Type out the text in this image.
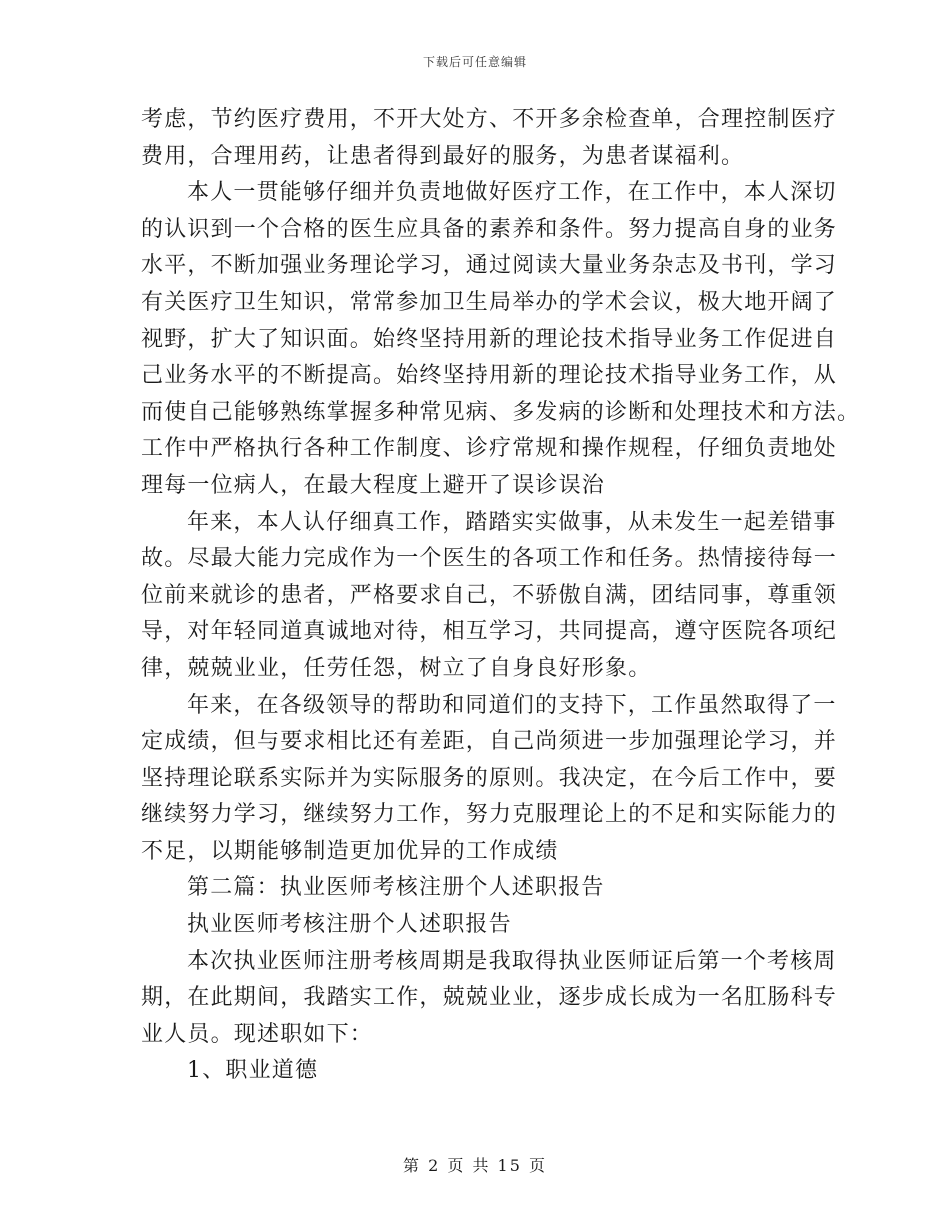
下载后可任意编辑
考虑，节约医疗费用，不开大处方、不开多余检查单，合理控制医疗
费用，合理用药，让患者得到最好的服务，为患者谋福利。
本人一贯能够仔细并负责地做好医疗工作，在工作中，本人深切
的认识到一个合格的医生应具备的素养和条件。努力提高自身的业务
水平，不断加强业务理论学习，通过阅读大量业务杂志及书刊，学习
有关医疗卫生知识，常常参加卫生局举办的学术会议，极大地开阔了
视野，扩大了知识面。始终坚持用新的理论技术指导业务工作促进自
己业务水平的不断提高。始终坚持用新的理论技术指导业务工作，从
而使自己能够熟练掌握多种常见病、多发病的诊断和处理技术和方法。
工作中严格执行各种工作制度、诊疗常规和操作规程，仔细负责地处
理每一位病人，在最大程度上避开了误诊误治
年来，本人认仔细真工作，踏踏实实做事，从未发生一起差错事
故。尽最大能力完成作为一个医生的各项工作和任务。热情接待每一
位前来就诊的患者，严格要求自己，不骄傲自满，团结同事，尊重领
导，对年轻同道真诚地对待，相互学习，共同提高，遵守医院各项纪
律，兢兢业业，任劳任怨，树立了自身良好形象。
年来，在各级领导的帮助和同道们的支持下，工作虽然取得了一
定成绩，但与要求相比还有差距，自己尚须进一步加强理论学习，并
坚持理论联系实际并为实际服务的原则。我决定，在今后工作中，要
继续努力学习，继续努力工作，努力克服理论上的不足和实际能力的
不足，以期能够制造更加优异的工作成绩
第二篇：执业医师考核注册个人述职报告
执业医师考核注册个人述职报告
本次执业医师注册考核周期是我取得执业医师证后第一个考核周
期，在此期间，我踏实工作，兢兢业业，逐步成长成为一名肛肠科专
业人员。现述职如下：
1、职业道德
第 2 页 共 15 页
